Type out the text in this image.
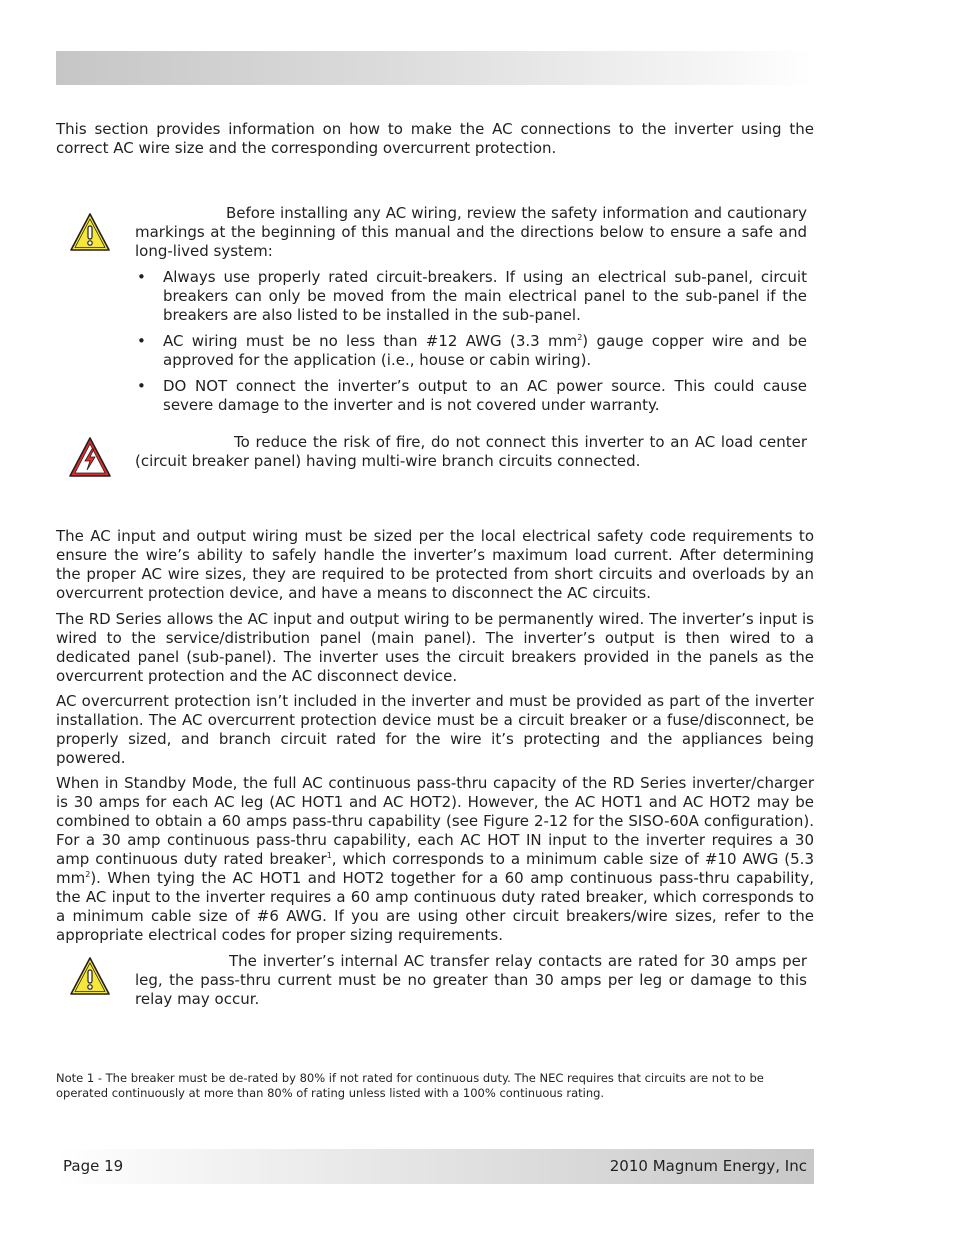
This section provides information on how to make the AC connections to the inverter using the correct AC wire size and the corresponding overcurrent protection.

Before installing any AC wiring, review the safety information and cautionary markings at the beginning of this manual and the directions below to ensure a safe and long-lived system:

• Always use properly rated circuit-breakers. If using an electrical sub-panel, circuit breakers can only be moved from the main electrical panel to the sub-panel if the breakers are also listed to be installed in the sub-panel.
• AC wiring must be no less than #12 AWG (3.3 $mm^2$) gauge copper wire and be approved for the application (i.e., house or cabin wiring).
• DO NOT connect the inverter’s output to an AC power source. This could cause severe damage to the inverter and is not covered under warranty.

To reduce the risk of fire, do not connect this inverter to an AC load center (circuit breaker panel) having multi-wire branch circuits connected.

The AC input and output wiring must be sized per the local electrical safety code requirements to ensure the wire’s ability to safely handle the inverter’s maximum load current. After determining the proper AC wire sizes, they are required to be protected from short circuits and overloads by an overcurrent protection device, and have a means to disconnect the AC circuits.

The RD Series allows the AC input and output wiring to be permanently wired. The inverter’s input is wired to the service/distribution panel (main panel). The inverter’s output is then wired to a dedicated panel (sub-panel). The inverter uses the circuit breakers provided in the panels as the overcurrent protection and the AC disconnect device.

AC overcurrent protection isn’t included in the inverter and must be provided as part of the inverter installation. The AC overcurrent protection device must be a circuit breaker or a fuse/disconnect, be properly sized, and branch circuit rated for the wire it’s protecting and the appliances being powered.

When in Standby Mode, the full AC continuous pass-thru capacity of the RD Series inverter/charger is 30 amps for each AC leg (AC HOT1 and AC HOT2). However, the AC HOT1 and AC HOT2 may be combined to obtain a 60 amps pass-thru capability (see Figure 2-12 for the SISO-60A configuration). For a 30 amp continuous pass-thru capability, each AC HOT IN input to the inverter requires a 30 amp continuous duty rated breaker$^1$, which corresponds to a minimum cable size of #10 AWG (5.3 $mm^2$). When tying the AC HOT1 and HOT2 together for a 60 amp continuous pass-thru capability, the AC input to the inverter requires a 60 amp continuous duty rated breaker, which corresponds to a minimum cable size of #6 AWG. If you are using other circuit breakers/wire sizes, refer to the appropriate electrical codes for proper sizing requirements.

The inverter’s internal AC transfer relay contacts are rated for 30 amps per leg, the pass-thru current must be no greater than 30 amps per leg or damage to this relay may occur.

Note 1 - The breaker must be de-rated by 80% if not rated for continuous duty. The NEC requires that circuits are not to be operated continuously at more than 80% of rating unless listed with a 100% continuous rating.

Page 19	2010 Magnum Energy, Inc
